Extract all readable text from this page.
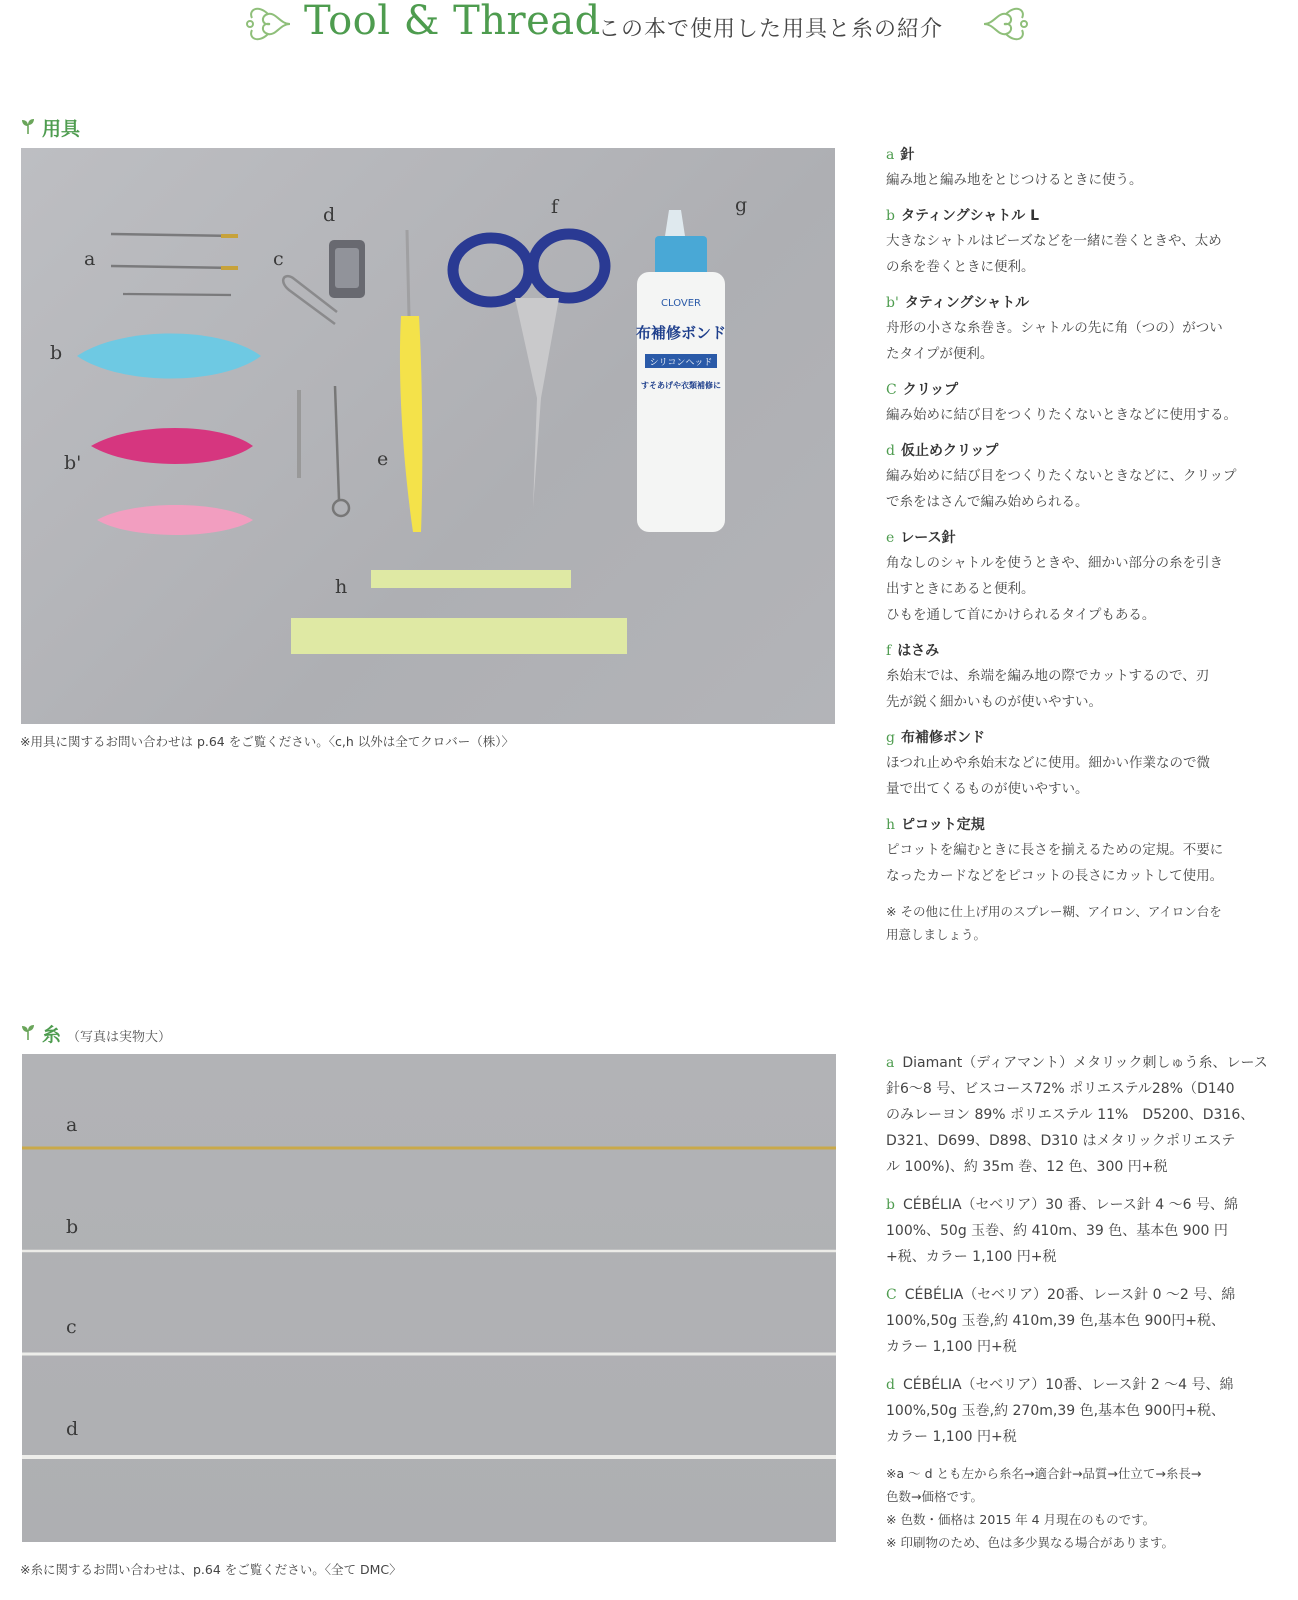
Tool & Thread
この本で使用した用具と糸の紹介
用具
CLOVER
布補修ボンド
シリコンヘッド
すそあげや衣類補修に
a
b
b'
c
d
e
f	g
h
※用具に関するお問い合わせは p.64 をご覧ください。〈c,h 以外は全てクロバー（株）〉
a 針
編み地と編み地をとじつけるときに使う。
b タティングシャトル L
大きなシャトルはビーズなどを一緒に巻くときや、太め
の糸を巻くときに便利。
b' タティングシャトル
舟形の小さな糸巻き。シャトルの先に角（つの）がつい
たタイプが便利。
C クリップ
編み始めに結び目をつくりたくないときなどに使用する。
d 仮止めクリップ
編み始めに結び目をつくりたくないときなどに、クリップ
で糸をはさんで編み始められる。
e レース針
角なしのシャトルを使うときや、細かい部分の糸を引き
出すときにあると便利。
ひもを通して首にかけられるタイプもある。
f はさみ
糸始末では、糸端を編み地の際でカットするので、刃
先が鋭く細かいものが使いやすい。
g 布補修ボンド
ほつれ止めや糸始末などに使用。細かい作業なので微
量で出てくるものが使いやすい。
h ピコット定規
ピコットを編むときに長さを揃えるための定規。不要に
なったカードなどをピコットの長さにカットして使用。
※ その他に仕上げ用のスプレー糊、アイロン、アイロン台を
用意しましょう。
糸 （写真は実物大）
a
b
c
d
※糸に関するお問い合わせは、p.64 をご覧ください。〈全て DMC〉
a Diamant（ディアマント）メタリック刺しゅう糸、レース
針6～8 号、ビスコース72% ポリエステル28%（D140
のみレーヨン 89% ポリエステル 11%　D5200、D316、
D321、D699、D898、D310 はメタリックポリエステ
ル 100%)、約 35m 巻、12 色、300 円+税
b CÉBÉLIA（セベリア）30 番、レース針 4 ～6 号、綿
100%、50g 玉巻、約 410m、39 色、基本色 900 円
+税、カラー 1,100 円+税
C CÉBÉLIA（セベリア）20番、レース針 0 ～2 号、綿
100%,50g 玉巻,約 410m,39 色,基本色 900円+税、
カラー 1,100 円+税
d CÉBÉLIA（セベリア）10番、レース針 2 ～4 号、綿
100%,50g 玉巻,約 270m,39 色,基本色 900円+税、
カラー 1,100 円+税
※a ～ d とも左から糸名→適合針→品質→仕立て→糸長→
色数→価格です。
※ 色数・価格は 2015 年 4 月現在のものです。
※ 印刷物のため、色は多少異なる場合があります。
